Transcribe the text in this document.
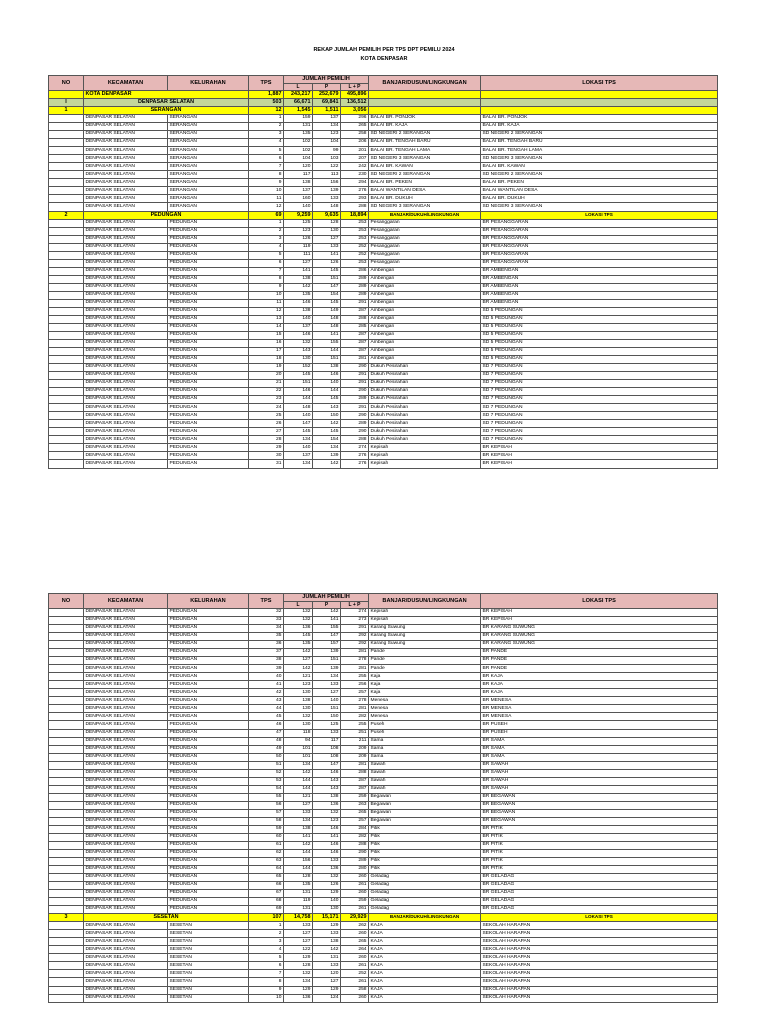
REKAP JUMLAH PEMILIH PER TPS DPT PEMILU 2024
KOTA DENPASAR
NO	KECAMATAN	KELURAHAN	TPS	JUMLAH PEMILIH			BANJAR/DUSUN/LINGKUNGAN	LOKASI TPS
				L	P	L + P		
	KOTA DENPASAR		1,887	243,217	252,679	495,896		
I	DENPASAR SELATAN		503	66,671	69,841	136,512		
1	SERANGAN		12	1,545	1,511	3,056		
	DENPASAR SELATAN	SERANGAN	1	159	137	296	BALAI BR. PONJOK	BALAI BR. PONJOK
	DENPASAR SELATAN	SERANGAN	2	131	134	265	BALAI BR. KAJA	BALAI BR. KAJA
	DENPASAR SELATAN	SERANGAN	3	135	123	258	SD NEGERI 2 SERANGAN	SD NEGERI 2 SERANGAN
	DENPASAR SELATAN	SERANGAN	4	102	104	206	BALAI BR. TENGAH BARU	BALAI BR. TENGAH BARU
	DENPASAR SELATAN	SERANGAN	5	102	99	201	BALAI BR. TENGAH LAMA	BALAI BR. TENGAH LAMA
	DENPASAR SELATAN	SERANGAN	6	104	103	207	SD NEGERI 3 SERANGAN	SD NEGERI 3 SERANGAN
	DENPASAR SELATAN	SERANGAN	7	120	122	242	BALAI BR. KAWAN	BALAI BR. KAWAN
	DENPASAR SELATAN	SERANGAN	8	117	113	230	SD NEGERI 2 SERANGAN	SD NEGERI 2 SERANGAN
	DENPASAR SELATAN	SERANGAN	9	138	156	294	BALAI BR. PEKEN	BALAI BR. PEKEN
	DENPASAR SELATAN	SERANGAN	10	137	139	276	BALAI WANTILAN DESA	BALAI WANTILAN DESA
	DENPASAR SELATAN	SERANGAN	11	160	133	293	BALAI BR. DUKUH	BALAI BR. DUKUH
	DENPASAR SELATAN	SERANGAN	12	140	148	288	SD NEGERI 3 SERANGAN	SD NEGERI 3 SERANGAN
2	PEDUNGAN		69	9,259	9,635	18,894	BANJAR/DUKUH/LINGKUNGAN	LOKASI TPS
	DENPASAR SELATAN	PEDUNGAN	1	125	128	253	Pesanggaran	BR PESANGGARAN
	DENPASAR SELATAN	PEDUNGAN	2	123	130	253	Pesanggaran	BR PESANGGARAN
	DENPASAR SELATAN	PEDUNGAN	3	126	127	253	Pesanggaran	BR PESANGGARAN
	DENPASAR SELATAN	PEDUNGAN	4	119	133	252	Pesanggaran	BR PESANGGARAN
	DENPASAR SELATAN	PEDUNGAN	5	111	141	252	Pesanggaran	BR PESANGGARAN
	DENPASAR SELATAN	PEDUNGAN	6	127	126	253	Pesanggaran	BR PESANGGARAN
	DENPASAR SELATAN	PEDUNGAN	7	141	145	286	Ambengan	BR AMBENGAN
	DENPASAR SELATAN	PEDUNGAN	8	138	151	289	Ambengan	BR AMBENGAN
	DENPASAR SELATAN	PEDUNGAN	9	142	147	289	Ambengan	BR AMBENGAN
	DENPASAR SELATAN	PEDUNGAN	10	135	154	289	Ambengan	BR AMBENGAN
	DENPASAR SELATAN	PEDUNGAN	11	146	145	291	Ambengan	BR AMBENGAN
	DENPASAR SELATAN	PEDUNGAN	12	138	149	287	Ambengan	SD 5 PEDUNGAN
	DENPASAR SELATAN	PEDUNGAN	13	140	148	288	Ambengan	SD 5 PEDUNGAN
	DENPASAR SELATAN	PEDUNGAN	14	137	148	285	Ambengan	SD 5 PEDUNGAN
	DENPASAR SELATAN	PEDUNGAN	15	146	141	287	Ambengan	SD 5 PEDUNGAN
	DENPASAR SELATAN	PEDUNGAN	16	132	155	287	Ambengan	SD 5 PEDUNGAN
	DENPASAR SELATAN	PEDUNGAN	17	143	144	287	Ambengan	SD 5 PEDUNGAN
	DENPASAR SELATAN	PEDUNGAN	18	130	151	281	Ambengan	SD 5 PEDUNGAN
	DENPASAR SELATAN	PEDUNGAN	19	152	138	290	Dukuh Pesirahan	SD 7 PEDUNGAN
	DENPASAR SELATAN	PEDUNGAN	20	145	146	291	Dukuh Pesirahan	SD 7 PEDUNGAN
	DENPASAR SELATAN	PEDUNGAN	21	151	140	291	Dukuh Pesirahan	SD 7 PEDUNGAN
	DENPASAR SELATAN	PEDUNGAN	22	146	144	290	Dukuh Pesirahan	SD 7 PEDUNGAN
	DENPASAR SELATAN	PEDUNGAN	23	144	145	289	Dukuh Pesirahan	SD 7 PEDUNGAN
	DENPASAR SELATAN	PEDUNGAN	24	148	143	291	Dukuh Pesirahan	SD 7 PEDUNGAN
	DENPASAR SELATAN	PEDUNGAN	25	140	150	290	Dukuh Pesirahan	SD 7 PEDUNGAN
	DENPASAR SELATAN	PEDUNGAN	26	147	142	289	Dukuh Pesirahan	SD 7 PEDUNGAN
	DENPASAR SELATAN	PEDUNGAN	27	145	145	290	Dukuh Pesirahan	SD 7 PEDUNGAN
	DENPASAR SELATAN	PEDUNGAN	28	134	154	288	Dukuh Pesirahan	SD 7 PEDUNGAN
	DENPASAR SELATAN	PEDUNGAN	29	140	134	274	Kepisah	BR KEPISAH
	DENPASAR SELATAN	PEDUNGAN	30	137	139	276	Kepisah	BR KEPISAH
	DENPASAR SELATAN	PEDUNGAN	31	134	142	276	Kepisah	BR KEPISAH
NO	KECAMATAN	KELURAHAN	TPS	JUMLAH PEMILIH			BANJAR/DUSUN/LINGKUNGAN	LOKASI TPS
				L	P	L + P		
	DENPASAR SELATAN	PEDUNGAN	32	132	142	274	Kepisah	BR KEPISAH
	DENPASAR SELATAN	PEDUNGAN	33	132	141	273	Kepisah	BR KEPISAH
	DENPASAR SELATAN	PEDUNGAN	34	136	155	291	Karang Suwung	BR KARANG SUWUNG
	DENPASAR SELATAN	PEDUNGAN	35	145	147	292	Karang Suwung	BR KARANG SUWUNG
	DENPASAR SELATAN	PEDUNGAN	36	135	157	292	Karang Suwung	BR KARANG SUWUNG
	DENPASAR SELATAN	PEDUNGAN	37	142	139	281	Pande	BR PANDE
	DENPASAR SELATAN	PEDUNGAN	38	127	151	278	Pande	BR PANDE
	DENPASAR SELATAN	PEDUNGAN	39	142	139	281	Pande	BR PANDE
	DENPASAR SELATAN	PEDUNGAN	40	121	134	255	Kaja	BR KAJA
	DENPASAR SELATAN	PEDUNGAN	41	123	133	256	Kaja	BR KAJA
	DENPASAR SELATAN	PEDUNGAN	42	130	127	257	Kaja	BR KAJA
	DENPASAR SELATAN	PEDUNGAN	43	138	140	278	Menesa	BR MENESA
	DENPASAR SELATAN	PEDUNGAN	44	130	151	281	Menesa	BR MENESA
	DENPASAR SELATAN	PEDUNGAN	45	132	150	282	Menesa	BR MENESA
	DENPASAR SELATAN	PEDUNGAN	46	130	125	255	Puseh	BR PUSEH
	DENPASAR SELATAN	PEDUNGAN	47	118	133	251	Puseh	BR PUSEH
	DENPASAR SELATAN	PEDUNGAN	48	94	117	211	Sama	BR SAMA
	DENPASAR SELATAN	PEDUNGAN	49	101	108	209	Sama	BR SAMA
	DENPASAR SELATAN	PEDUNGAN	50	101	108	209	Sama	BR SAMA
	DENPASAR SELATAN	PEDUNGAN	51	134	147	281	Sawah	BR SAWAH
	DENPASAR SELATAN	PEDUNGAN	52	142	146	288	Sawah	BR SAWAH
	DENPASAR SELATAN	PEDUNGAN	53	144	143	287	Sawah	BR SAWAH
	DENPASAR SELATAN	PEDUNGAN	54	144	143	287	Sawah	BR SAWAH
	DENPASAR SELATAN	PEDUNGAN	55	121	138	259	Begawan	BR BEGAWAN
	DENPASAR SELATAN	PEDUNGAN	56	127	136	263	Begawan	BR BEGAWAN
	DENPASAR SELATAN	PEDUNGAN	57	133	132	265	Begawan	BR BEGAWAN
	DENPASAR SELATAN	PEDUNGAN	58	134	123	257	Begawan	BR BEGAWAN
	DENPASAR SELATAN	PEDUNGAN	59	138	146	284	Pitik	BR PITIK
	DENPASAR SELATAN	PEDUNGAN	60	141	141	282	Pitik	BR PITIK
	DENPASAR SELATAN	PEDUNGAN	61	142	146	288	Pitik	BR PITIK
	DENPASAR SELATAN	PEDUNGAN	62	144	146	290	Pitik	BR PITIK
	DENPASAR SELATAN	PEDUNGAN	63	156	133	289	Pitik	BR PITIK
	DENPASAR SELATAN	PEDUNGAN	64	144	136	280	Pitik	BR PITIK
	DENPASAR SELATAN	PEDUNGAN	65	128	132	260	Geladag	BR GELADAG
	DENPASAR SELATAN	PEDUNGAN	66	135	126	261	Geladag	BR GELADAG
	DENPASAR SELATAN	PEDUNGAN	67	131	129	260	Geladag	BR GELADAG
	DENPASAR SELATAN	PEDUNGAN	68	119	140	259	Geladag	BR GELADAG
	DENPASAR SELATAN	PEDUNGAN	69	131	130	261	Geladag	BR GELADAG
3	SESETAN		107	14,758	15,171	29,929	BANJAR/DUKUH/LINGKUNGAN	LOKASI TPS
	DENPASAR SELATAN	SESETAN	1	133	129	262	KAJA	SEKOLAH HARAPAN
	DENPASAR SELATAN	SESETAN	2	127	133	260	KAJA	SEKOLAH HARAPAN
	DENPASAR SELATAN	SESETAN	3	127	138	265	KAJA	SEKOLAH HARAPAN
	DENPASAR SELATAN	SESETAN	4	122	142	264	KAJA	SEKOLAH HARAPAN
	DENPASAR SELATAN	SESETAN	5	129	131	260	KAJA	SEKOLAH HARAPAN
	DENPASAR SELATAN	SESETAN	6	128	133	261	KAJA	SEKOLAH HARAPAN
	DENPASAR SELATAN	SESETAN	7	132	120	252	KAJA	SEKOLAH HARAPAN
	DENPASAR SELATAN	SESETAN	8	134	127	261	KAJA	SEKOLAH HARAPAN
	DENPASAR SELATAN	SESETAN	9	129	129	258	KAJA	SEKOLAH HARAPAN
	DENPASAR SELATAN	SESETAN	10	136	124	260	KAJA	SEKOLAH HARAPAN
